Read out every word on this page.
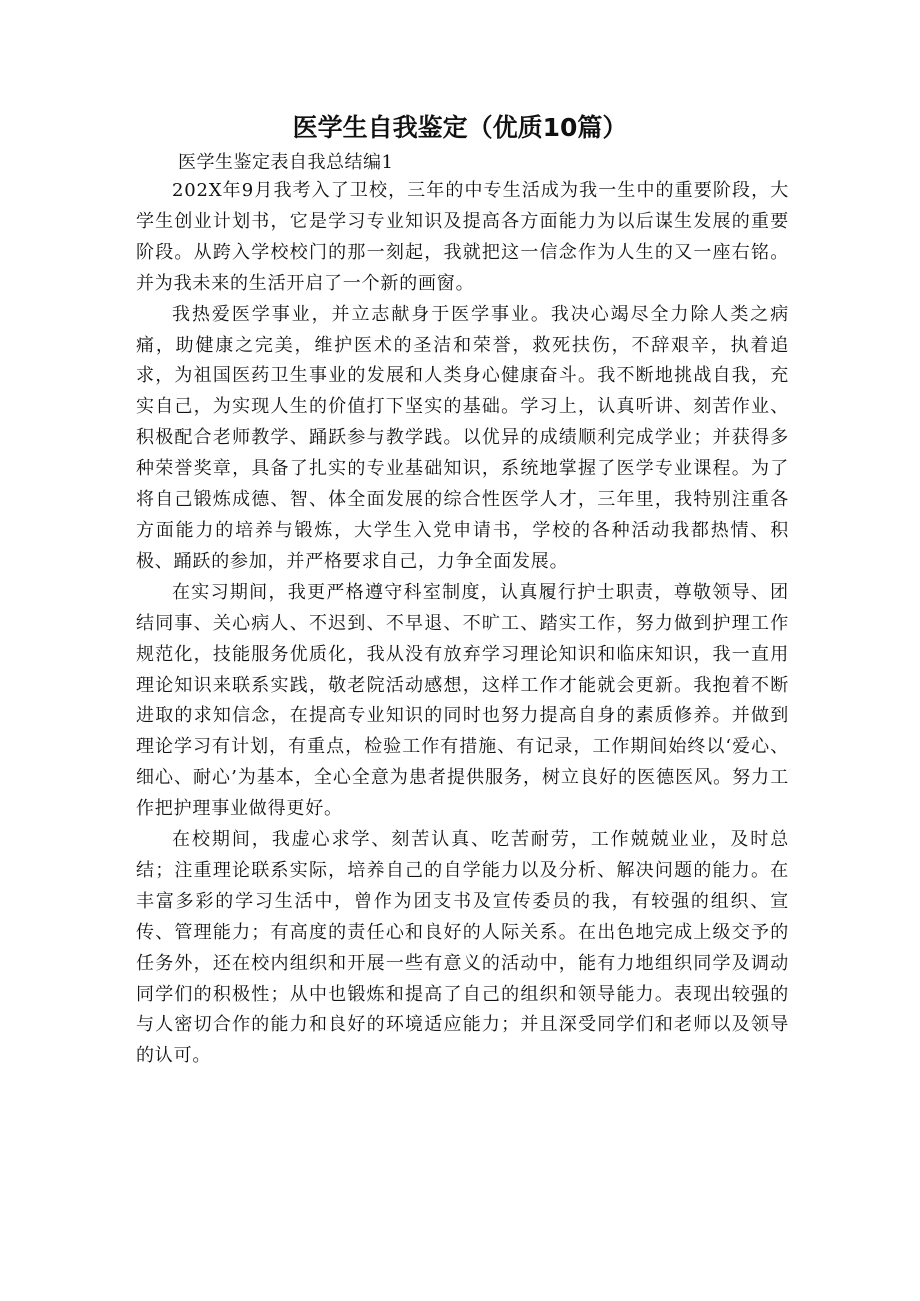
医学生自我鉴定（优质10篇）

医学生鉴定表自我总结编1

202X年9月我考入了卫校，三年的中专生活成为我一生中的重要阶段，大学生创业计划书，它是学习专业知识及提高各方面能力为以后谋生发展的重要阶段。从跨入学校校门的那一刻起，我就把这一信念作为人生的又一座右铭。并为我未来的生活开启了一个新的画窗。

我热爱医学事业，并立志献身于医学事业。我决心竭尽全力除人类之病痛，助健康之完美，维护医术的圣洁和荣誉，救死扶伤，不辞艰辛，执着追求，为祖国医药卫生事业的发展和人类身心健康奋斗。我不断地挑战自我，充实自己，为实现人生的价值打下坚实的基础。学习上，认真听讲、刻苦作业、积极配合老师教学、踊跃参与教学践。以优异的成绩顺利完成学业；并获得多种荣誉奖章，具备了扎实的专业基础知识，系统地掌握了医学专业课程。为了将自己锻炼成德、智、体全面发展的综合性医学人才，三年里，我特别注重各方面能力的培养与锻炼，大学生入党申请书，学校的各种活动我都热情、积极、踊跃的参加，并严格要求自己，力争全面发展。

在实习期间，我更严格遵守科室制度，认真履行护士职责，尊敬领导、团结同事、关心病人、不迟到、不早退、不旷工、踏实工作，努力做到护理工作规范化，技能服务优质化，我从没有放弃学习理论知识和临床知识，我一直用理论知识来联系实践，敬老院活动感想，这样工作才能就会更新。我抱着不断进取的求知信念，在提高专业知识的同时也努力提高自身的素质修养。并做到理论学习有计划，有重点，检验工作有措施、有记录，工作期间始终以‘爱心、细心、耐心’为基本，全心全意为患者提供服务，树立良好的医德医风。努力工作把护理事业做得更好。

在校期间，我虚心求学、刻苦认真、吃苦耐劳，工作兢兢业业，及时总结；注重理论联系实际，培养自己的自学能力以及分析、解决问题的能力。在丰富多彩的学习生活中，曾作为团支书及宣传委员的我，有较强的组织、宣传、管理能力；有高度的责任心和良好的人际关系。在出色地完成上级交予的任务外，还在校内组织和开展一些有意义的活动中，能有力地组织同学及调动同学们的积极性；从中也锻炼和提高了自己的组织和领导能力。表现出较强的与人密切合作的能力和良好的环境适应能力；并且深受同学们和老师以及领导的认可。
